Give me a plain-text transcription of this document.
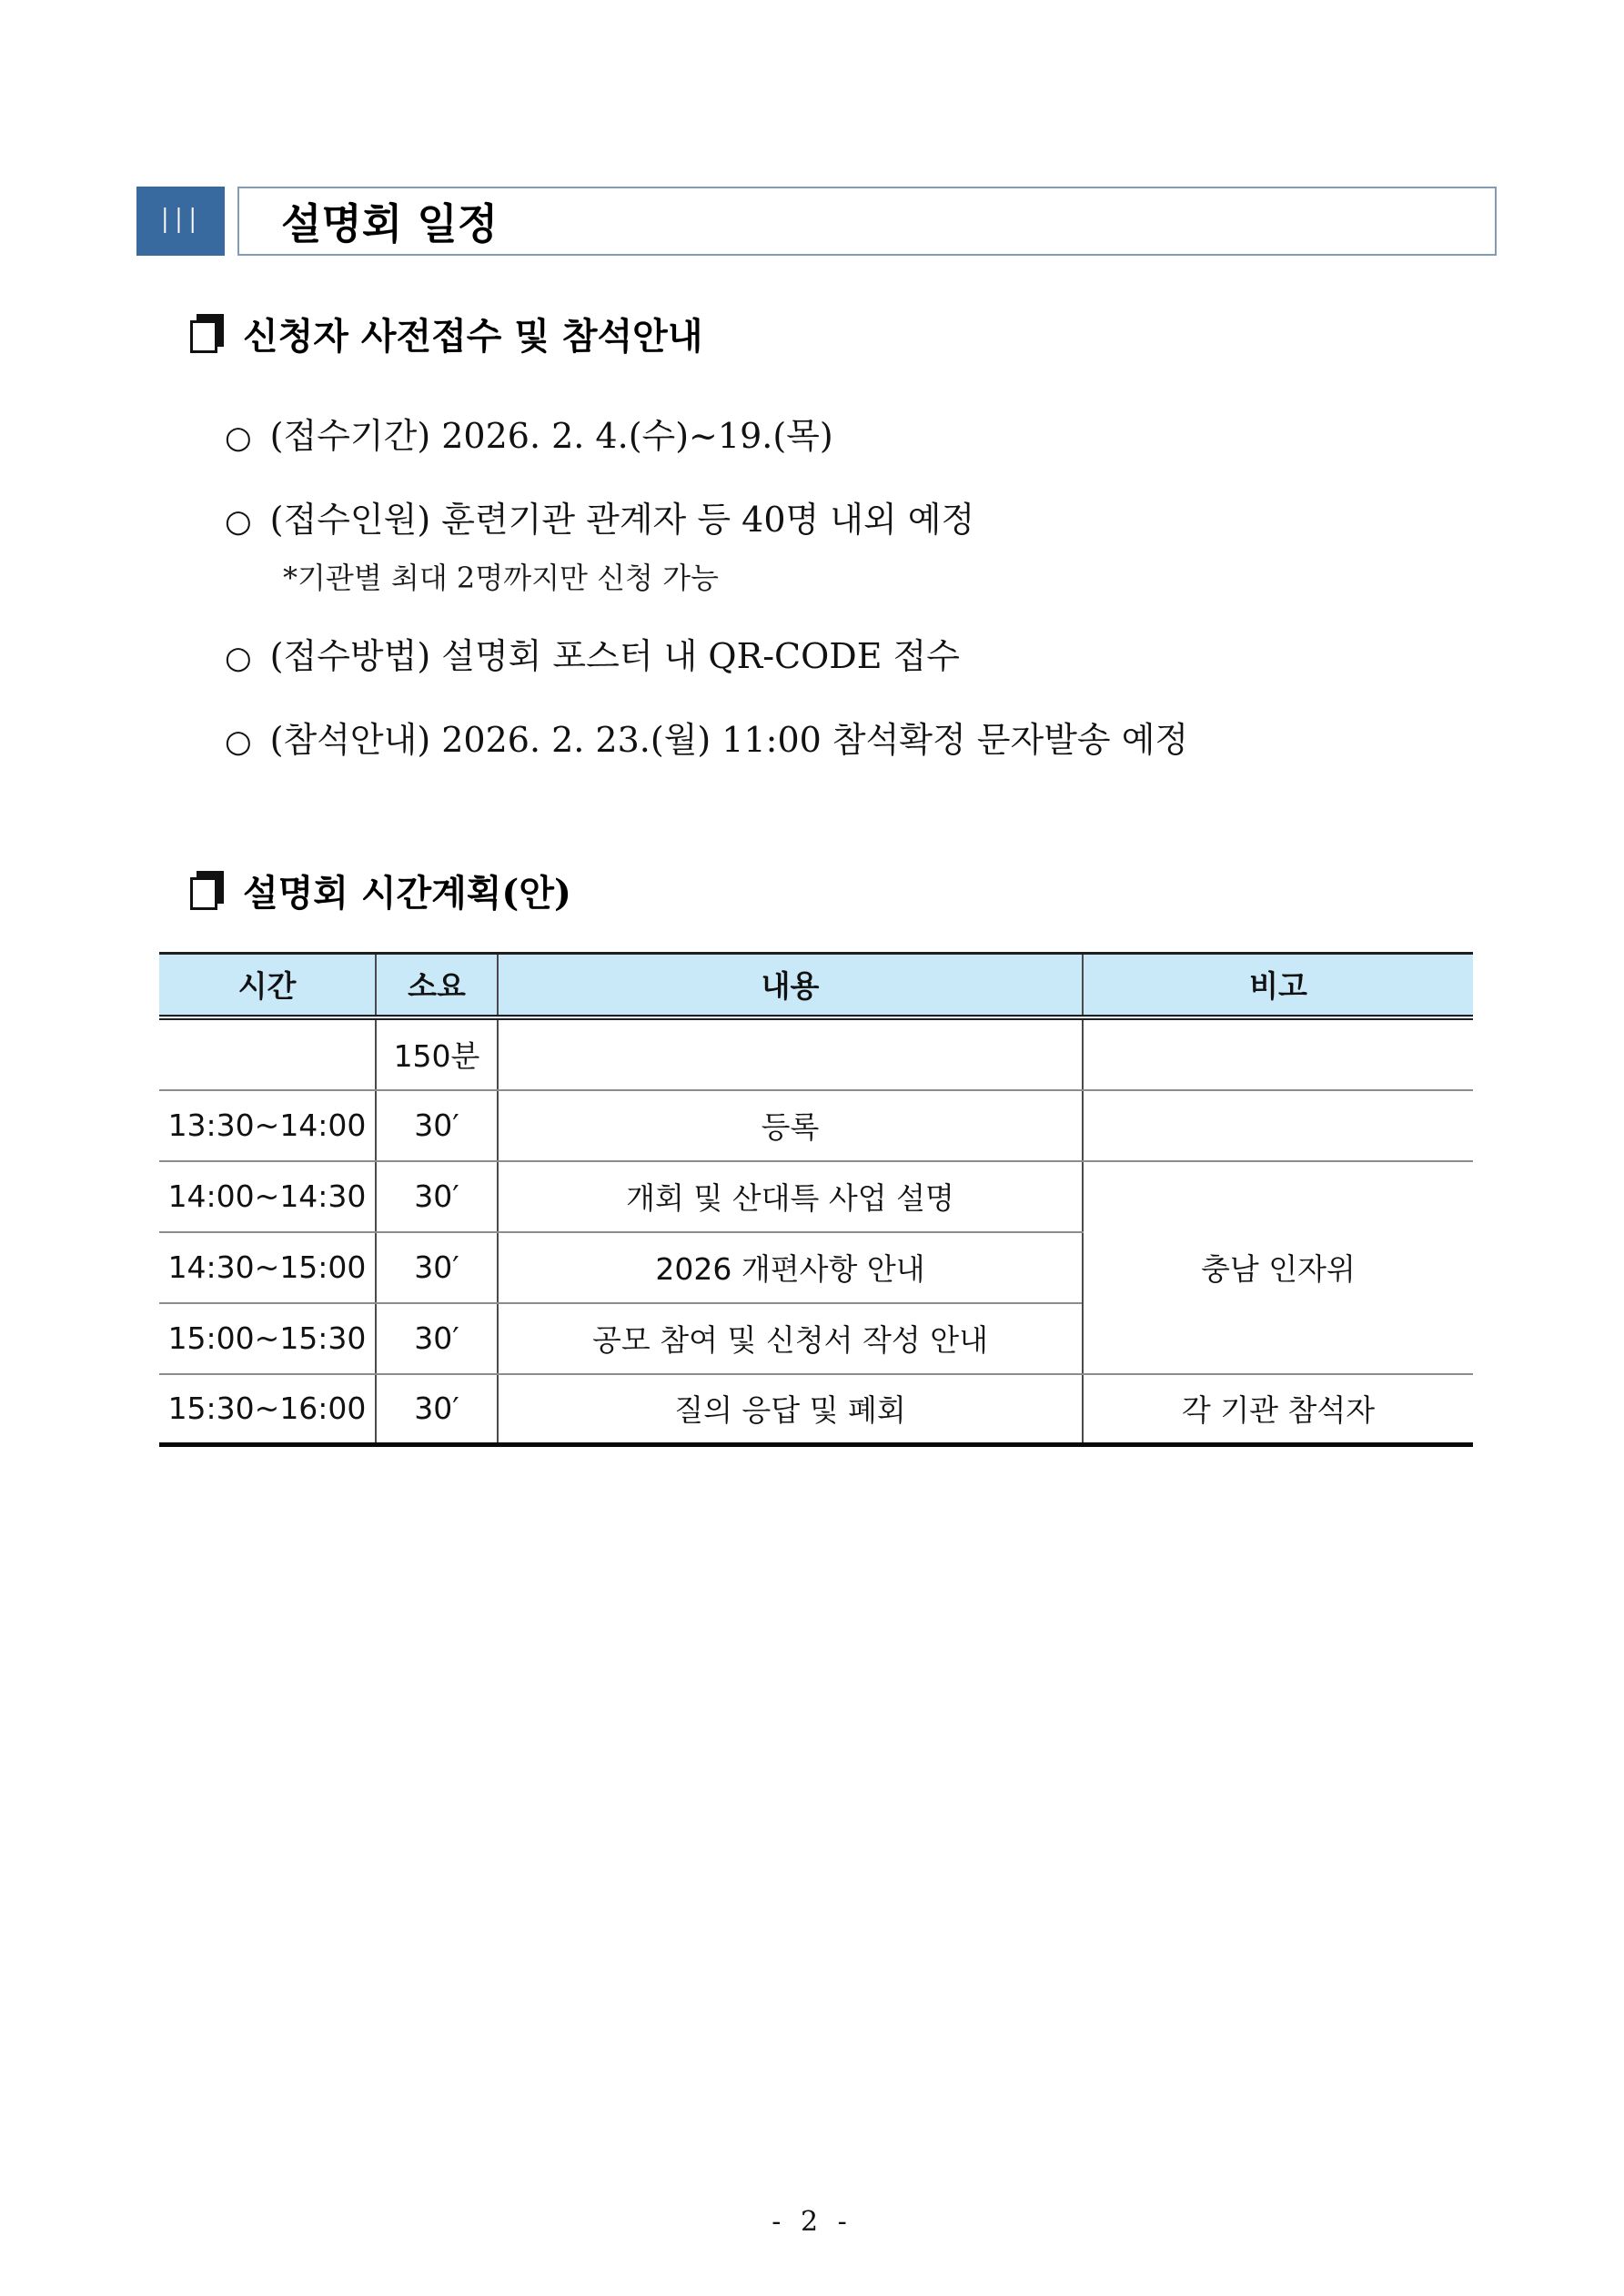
III 설명회 일정
신청자 사전접수 및 참석안내
○ (접수기간) 2026. 2. 4.(수)~19.(목)
○ (접수인원) 훈련기관 관계자 등 40명 내외 예정
*기관별 최대 2명까지만 신청 가능
○ (접수방법) 설명회 포스터 내 QR-CODE 접수
○ (참석안내) 2026. 2. 23.(월) 11:00 참석확정 문자발송 예정
설명회 시간계획(안)
시간	소요	내용	비고
	150분		
13:30~14:00	30′	등록	
14:00~14:30	30′	개회 및 산대특 사업 설명	충남 인자위
14:30~15:00	30′	2026 개편사항 안내	
15:00~15:30	30′	공모 참여 및 신청서 작성 안내	
15:30~16:00	30′	질의 응답 및 폐회	각 기관 참석자
- 2 -
